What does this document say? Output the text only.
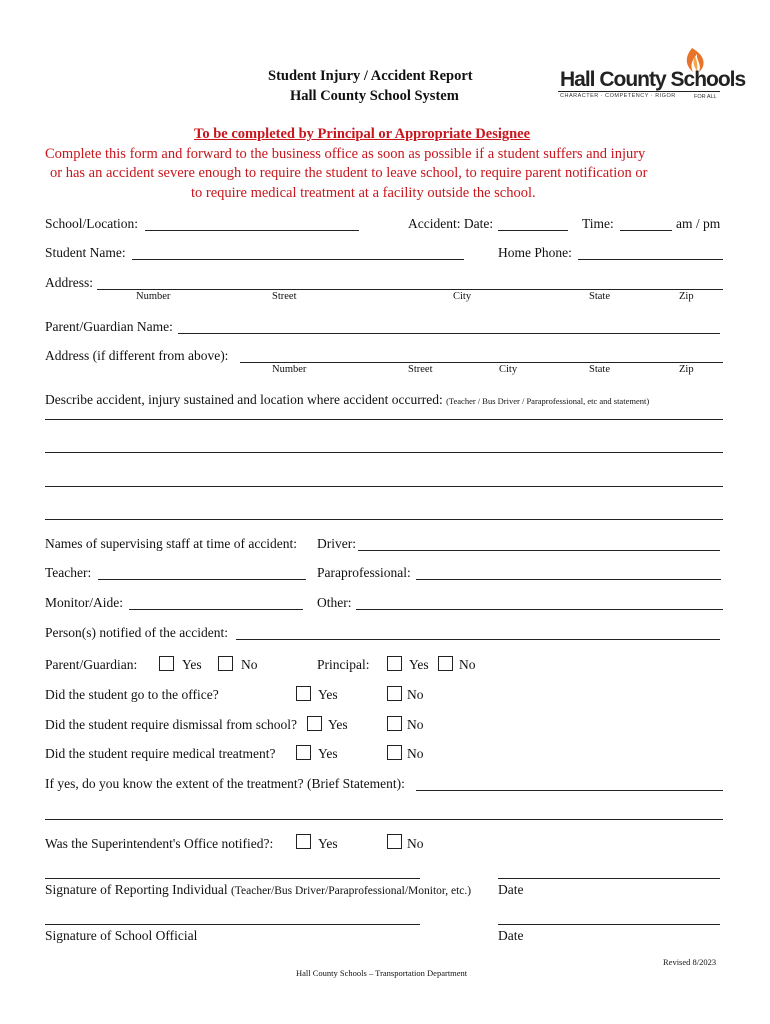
Student Injury / Accident Report
Hall County School System
Hall County Schools
CHARACTER · COMPETENCY · RIGOR	FOR ALL
To be completed by Principal or Appropriate Designee
Complete this form and forward to the business office as soon as possible if a student suffers and injury
or has an accident severe enough to require the student to leave school, to require parent notification or
to require medical treatment at a facility outside the school.
School/Location:	Accident: Date:	Time:	am / pm
Student Name:	Home Phone:
Address:
Number	Street	City	State	Zip
Parent/Guardian Name:
Address (if different from above):
Number	Street	City	State	Zip
Describe accident, injury sustained and location where accident occurred: (Teacher / Bus Driver / Paraprofessional, etc and statement)
Names of supervising staff at time of accident: Driver:
Teacher:	Paraprofessional:
Monitor/Aide:	Other:
Person(s) notified of the accident:
Parent/Guardian:	Yes	No	Principal:	Yes No
Did the student go to the office?	Yes	No
Did the student require dismissal from school? Yes	No
Did the student require medical treatment?	Yes	No
If yes, do you know the extent of the treatment? (Brief Statement):
Was the Superintendent's Office notified?:	Yes	No
Signature of Reporting Individual (Teacher/Bus Driver/Paraprofessional/Monitor, etc.) Date
Signature of School Official	Date
Revised 8/2023
Hall County Schools – Transportation Department
